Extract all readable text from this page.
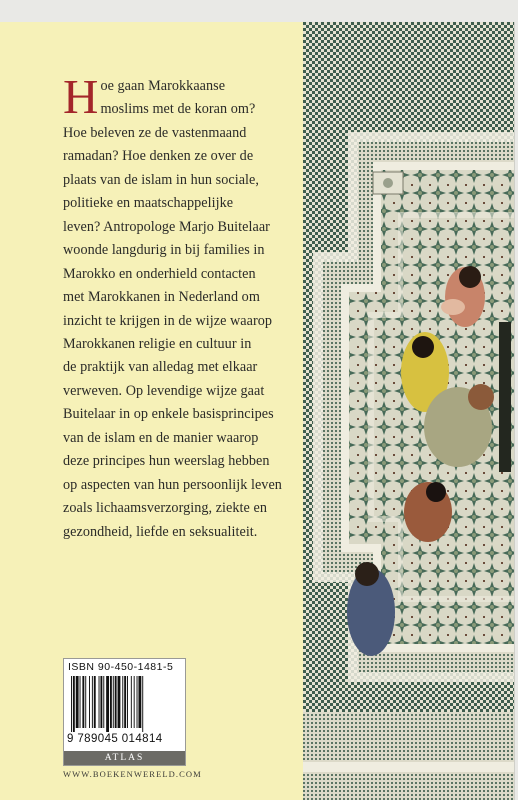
H oe gaan Marokkaanse
moslims met de koran om?
Hoe beleven ze de vastenmaand
ramadan? Hoe denken ze over de
plaats van de islam in hun sociale,
politieke en maatschappelijke
leven? Antropologe Marjo Buitelaar
woonde langdurig in bij families in
Marokko en onderhield contacten
met Marokkanen in Nederland om
inzicht te krijgen in de wijze waarop
Marokkanen religie en cultuur in
de praktijk van alledag met elkaar
verweven. Op levendige wijze gaat
Buitelaar in op enkele basisprincipes
van de islam en de manier waarop
deze principes hun weerslag hebben
op aspecten van hun persoonlijk leven
zoals lichaamsverzorging, ziekte en
gezondheid, liefde en seksualiteit.
ISBN 90-450-1481-5
9 789045 014814
ATLAS
WWW.BOEKENWERELD.COM
